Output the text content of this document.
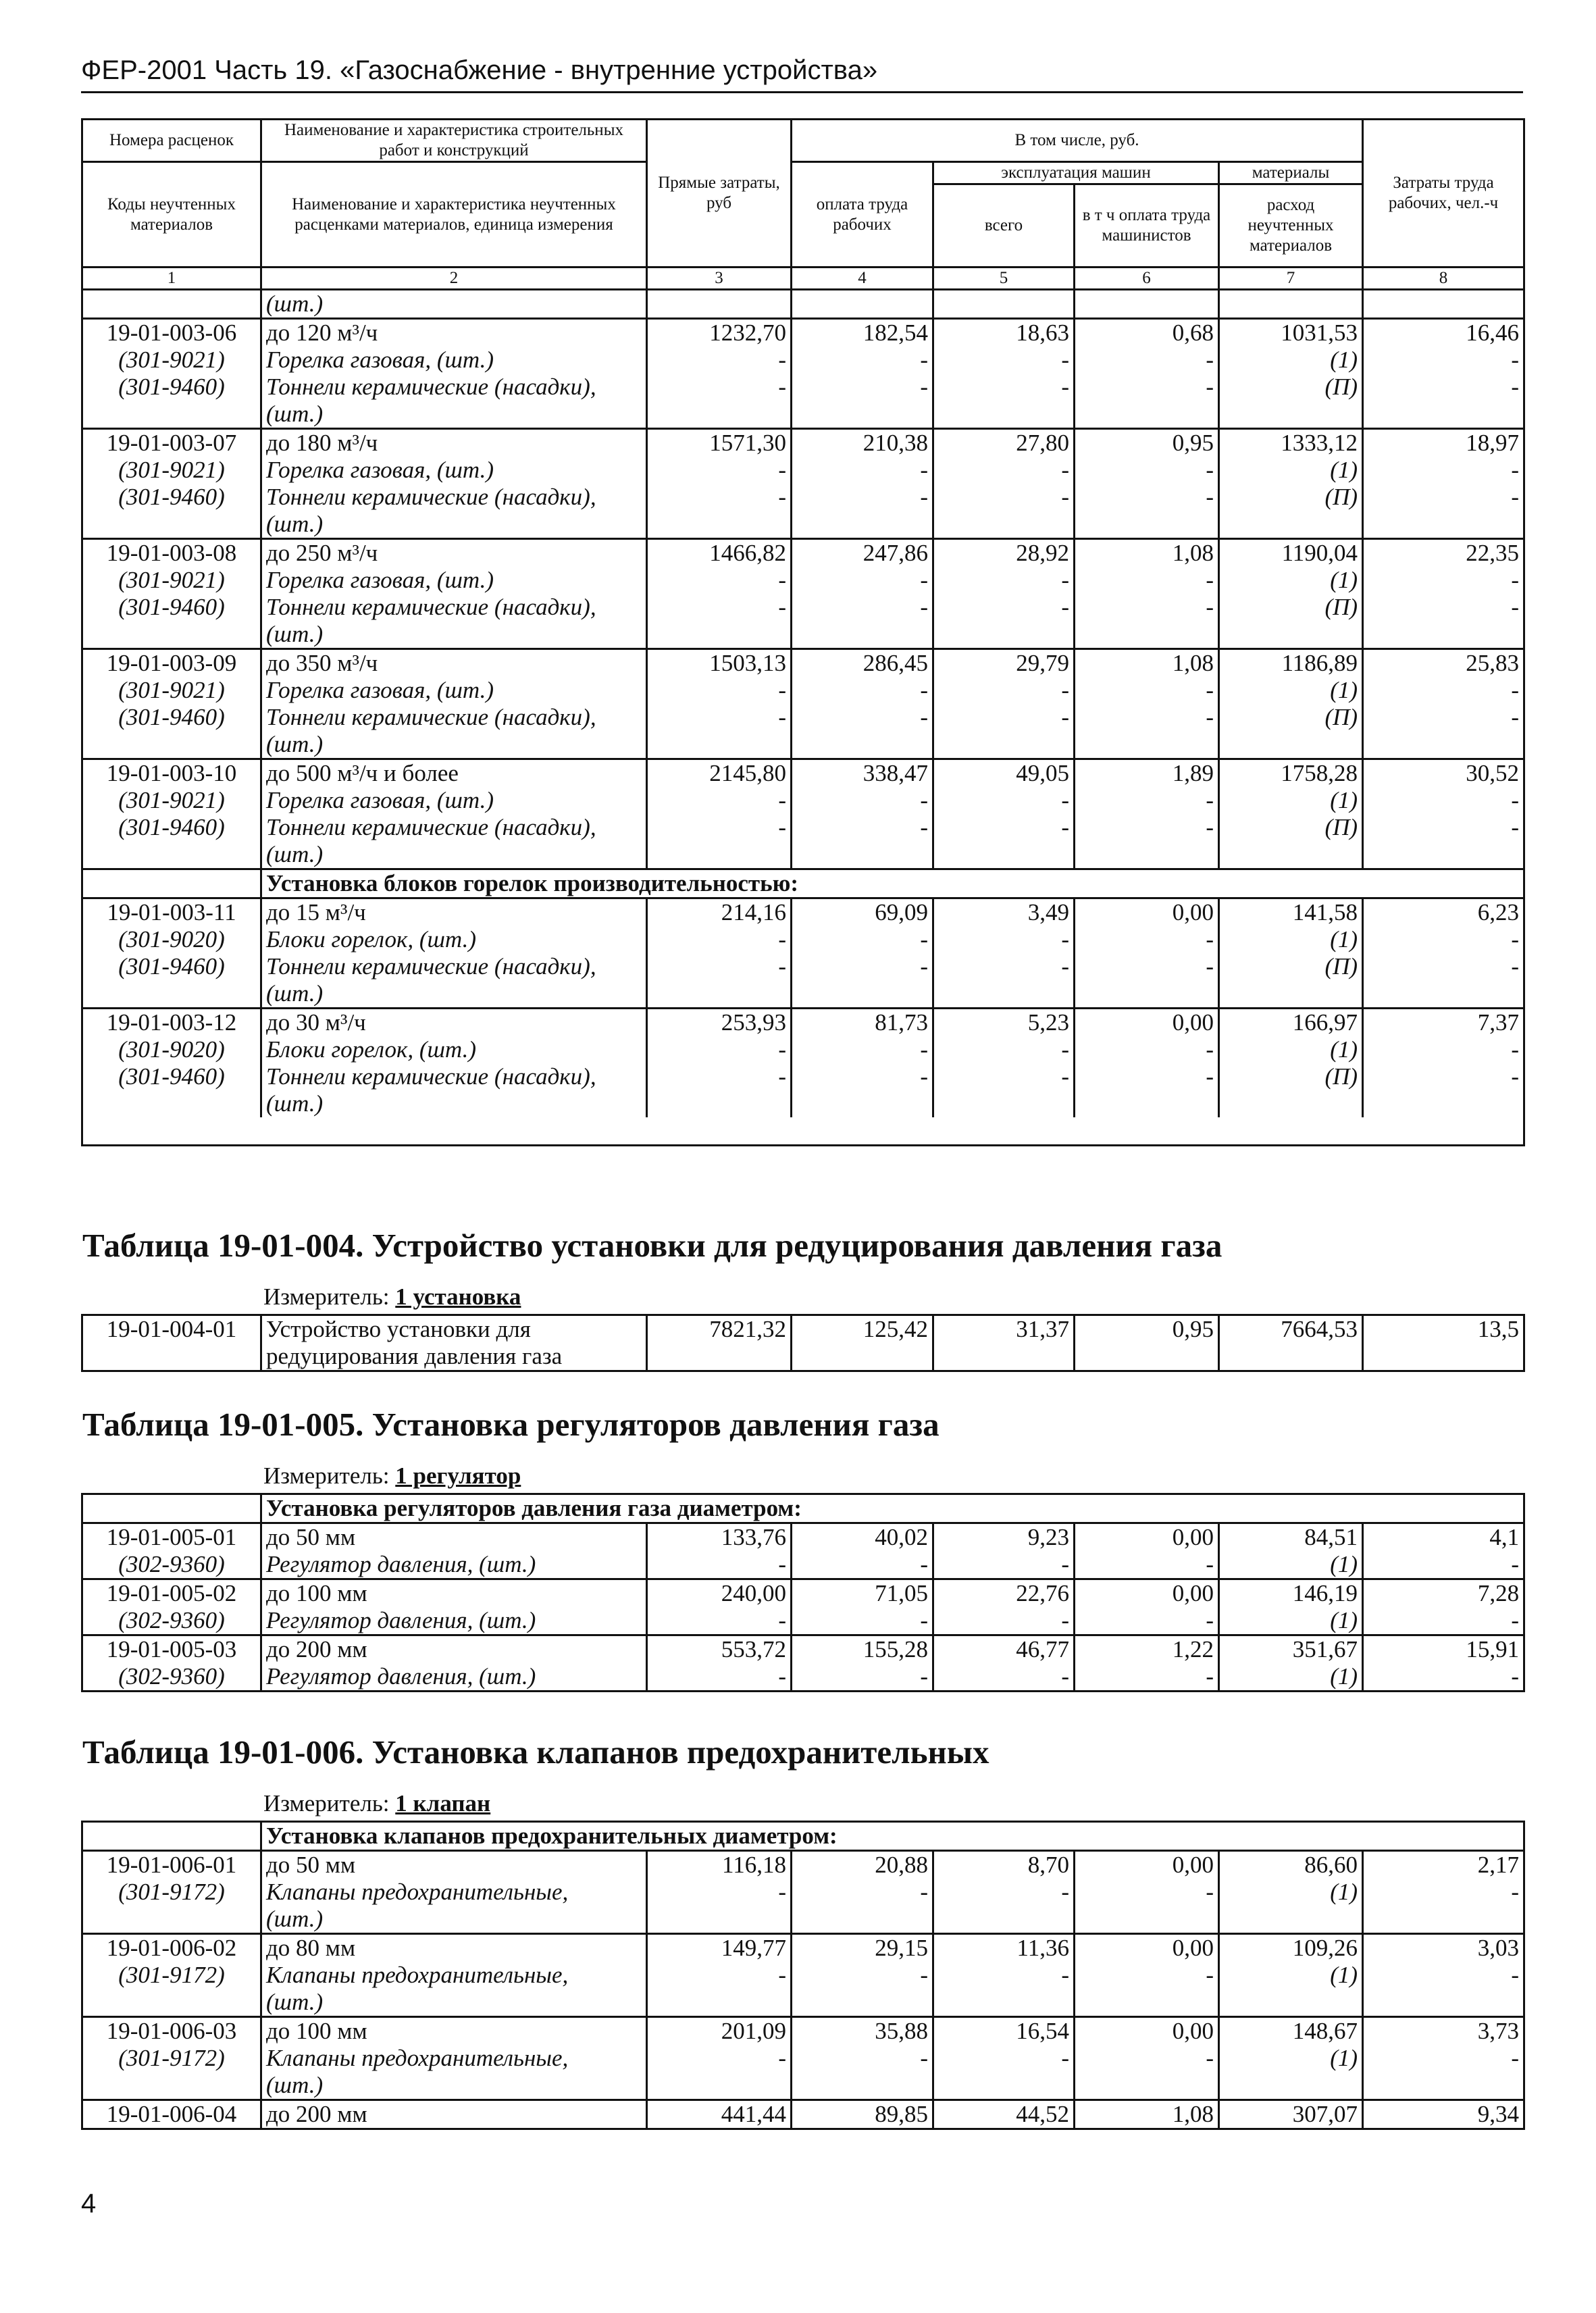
ФЕР-2001 Часть 19. «Газоснабжение - внутренние устройства»
Номера расценок	Наименование и характеристика строительных работ и конструкций	Прямые затраты, руб	В том числе, руб.				Затраты труда рабочих, чел.-ч
Коды неучтенных материалов	Наименование и характеристика неучтенных расценками материалов, единица измерения		оплата труда рабочих	эксплуатация машин		материалы	
				всего	в т ч оплата труда машинистов	расход неучтенных материалов	

1	2	3	4	5	6	7	8
	(шт.)						
19-01-003-06	до 120 м³/ч	1232,70	182,54	18,63	0,68	1031,53	16,46
(301-9021)	Горелка газовая, (шт.)	-	-	-	-	(1)	-
(301-9460)	Тоннели керамические (насадки),	-	-	-	-	(П)	-
	(шт.)						
19-01-003-07	до 180 м³/ч	1571,30	210,38	27,80	0,95	1333,12	18,97
(301-9021)	Горелка газовая, (шт.)	-	-	-	-	(1)	-
(301-9460)	Тоннели керамические (насадки),	-	-	-	-	(П)	-
	(шт.)						
19-01-003-08	до 250 м³/ч	1466,82	247,86	28,92	1,08	1190,04	22,35
(301-9021)	Горелка газовая, (шт.)	-	-	-	-	(1)	-
(301-9460)	Тоннели керамические (насадки),	-	-	-	-	(П)	-
	(шт.)						
19-01-003-09	до 350 м³/ч	1503,13	286,45	29,79	1,08	1186,89	25,83
(301-9021)	Горелка газовая, (шт.)	-	-	-	-	(1)	-
(301-9460)	Тоннели керамические (насадки),	-	-	-	-	(П)	-
	(шт.)						
19-01-003-10	до 500 м³/ч и более	2145,80	338,47	49,05	1,89	1758,28	30,52
(301-9021)	Горелка газовая, (шт.)	-	-	-	-	(1)	-
(301-9460)	Тоннели керамические (насадки),	-	-	-	-	(П)	-
	(шт.)						
	Установка блоков горелок производительностью:						
19-01-003-11	до 15 м³/ч	214,16	69,09	3,49	0,00	141,58	6,23
(301-9020)	Блоки горелок, (шт.)	-	-	-	-	(1)	-
(301-9460)	Тоннели керамические (насадки),	-	-	-	-	(П)	-
	(шт.)						
19-01-003-12	до 30 м³/ч	253,93	81,73	5,23	0,00	166,97	7,37
(301-9020)	Блоки горелок, (шт.)	-	-	-	-	(1)	-
(301-9460)	Тоннели керамические (насадки),	-	-	-	-	(П)	-
	(шт.)						

Таблица 19-01-004. Устройство установки для редуцирования давления газа
Измеритель: 1 установка
19-01-004-01	Устройство установки для	7821,32	125,42	31,37	0,95	7664,53	13,5
	редуцирования давления газа						
Таблица 19-01-005. Установка регуляторов давления газа
Измеритель: 1 регулятор
	Установка регуляторов давления газа диаметром:						
19-01-005-01	до 50 мм	133,76	40,02	9,23	0,00	84,51	4,1
(302-9360)	Регулятор давления, (шт.)	-	-	-	-	(1)	-
19-01-005-02	до 100 мм	240,00	71,05	22,76	0,00	146,19	7,28
(302-9360)	Регулятор давления, (шт.)	-	-	-	-	(1)	-
19-01-005-03	до 200 мм	553,72	155,28	46,77	1,22	351,67	15,91
(302-9360)	Регулятор давления, (шт.)	-	-	-	-	(1)	-
Таблица 19-01-006. Установка клапанов предохранительных
Измеритель: 1 клапан
	Установка клапанов предохранительных диаметром:						
19-01-006-01	до 50 мм	116,18	20,88	8,70	0,00	86,60	2,17
(301-9172)	Клапаны предохранительные,	-	-	-	-	(1)	-
	(шт.)						
19-01-006-02	до 80 мм	149,77	29,15	11,36	0,00	109,26	3,03
(301-9172)	Клапаны предохранительные,	-	-	-	-	(1)	-
	(шт.)						
19-01-006-03	до 100 мм	201,09	35,88	16,54	0,00	148,67	3,73
(301-9172)	Клапаны предохранительные,	-	-	-	-	(1)	-
	(шт.)						
19-01-006-04	до 200 мм	441,44	89,85	44,52	1,08	307,07	9,34
4
